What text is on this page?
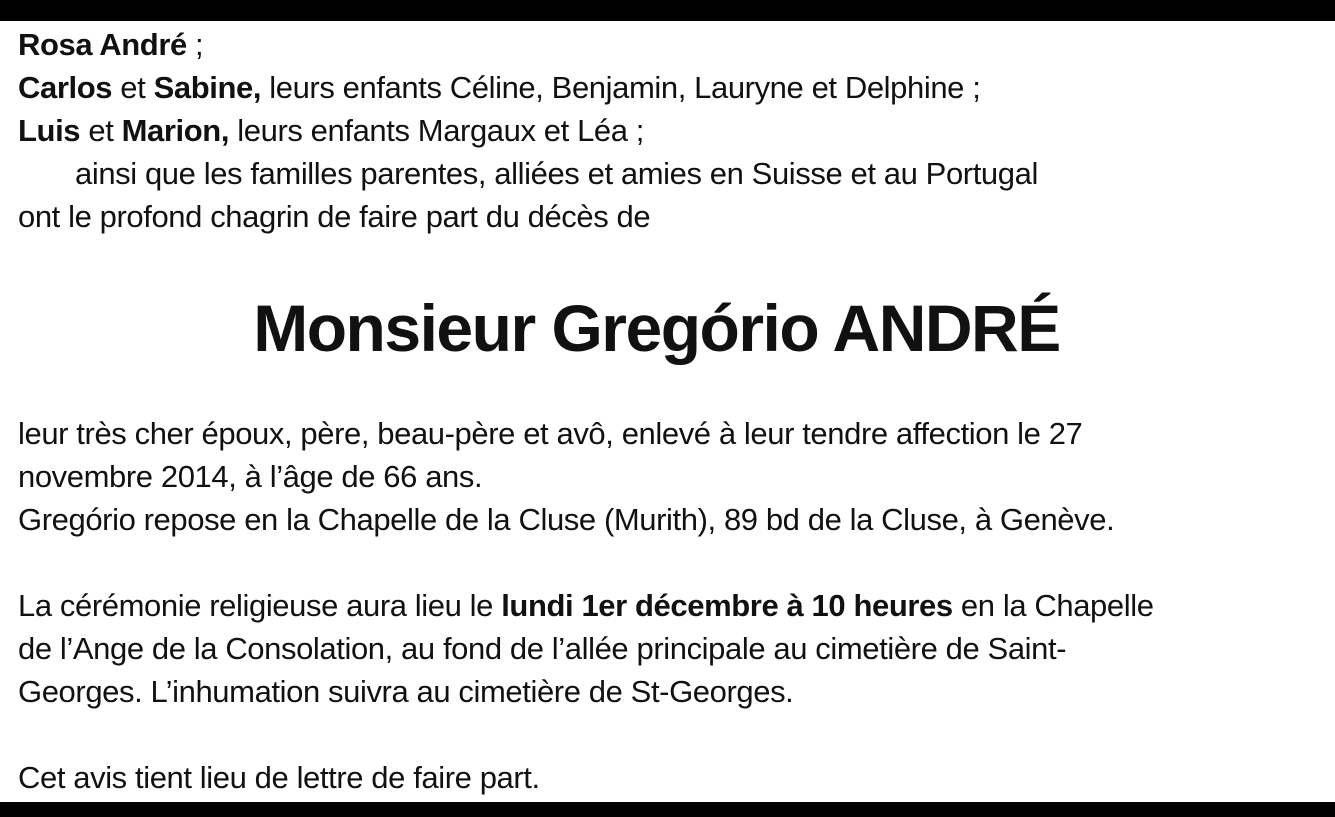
Rosa André ;

Carlos et Sabine, leurs enfants Céline, Benjamin, Lauryne et Delphine ;

Luis et Marion, leurs enfants Margaux et Léa ;

ainsi que les familles parentes, alliées et amies en Suisse et au Portugal

ont le profond chagrin de faire part du décès de

Monsieur Gregório ANDRÉ

leur très cher époux, père, beau-père et avô, enlevé à leur tendre affection le 27

novembre 2014, à l’âge de 66 ans.

Gregório repose en la Chapelle de la Cluse (Murith), 89 bd de la Cluse, à Genève.

La cérémonie religieuse aura lieu le lundi 1er décembre à 10 heures en la Chapelle

de l’Ange de la Consolation, au fond de l’allée principale au cimetière de Saint-

Georges. L’inhumation suivra au cimetière de St-Georges.

Cet avis tient lieu de lettre de faire part.
